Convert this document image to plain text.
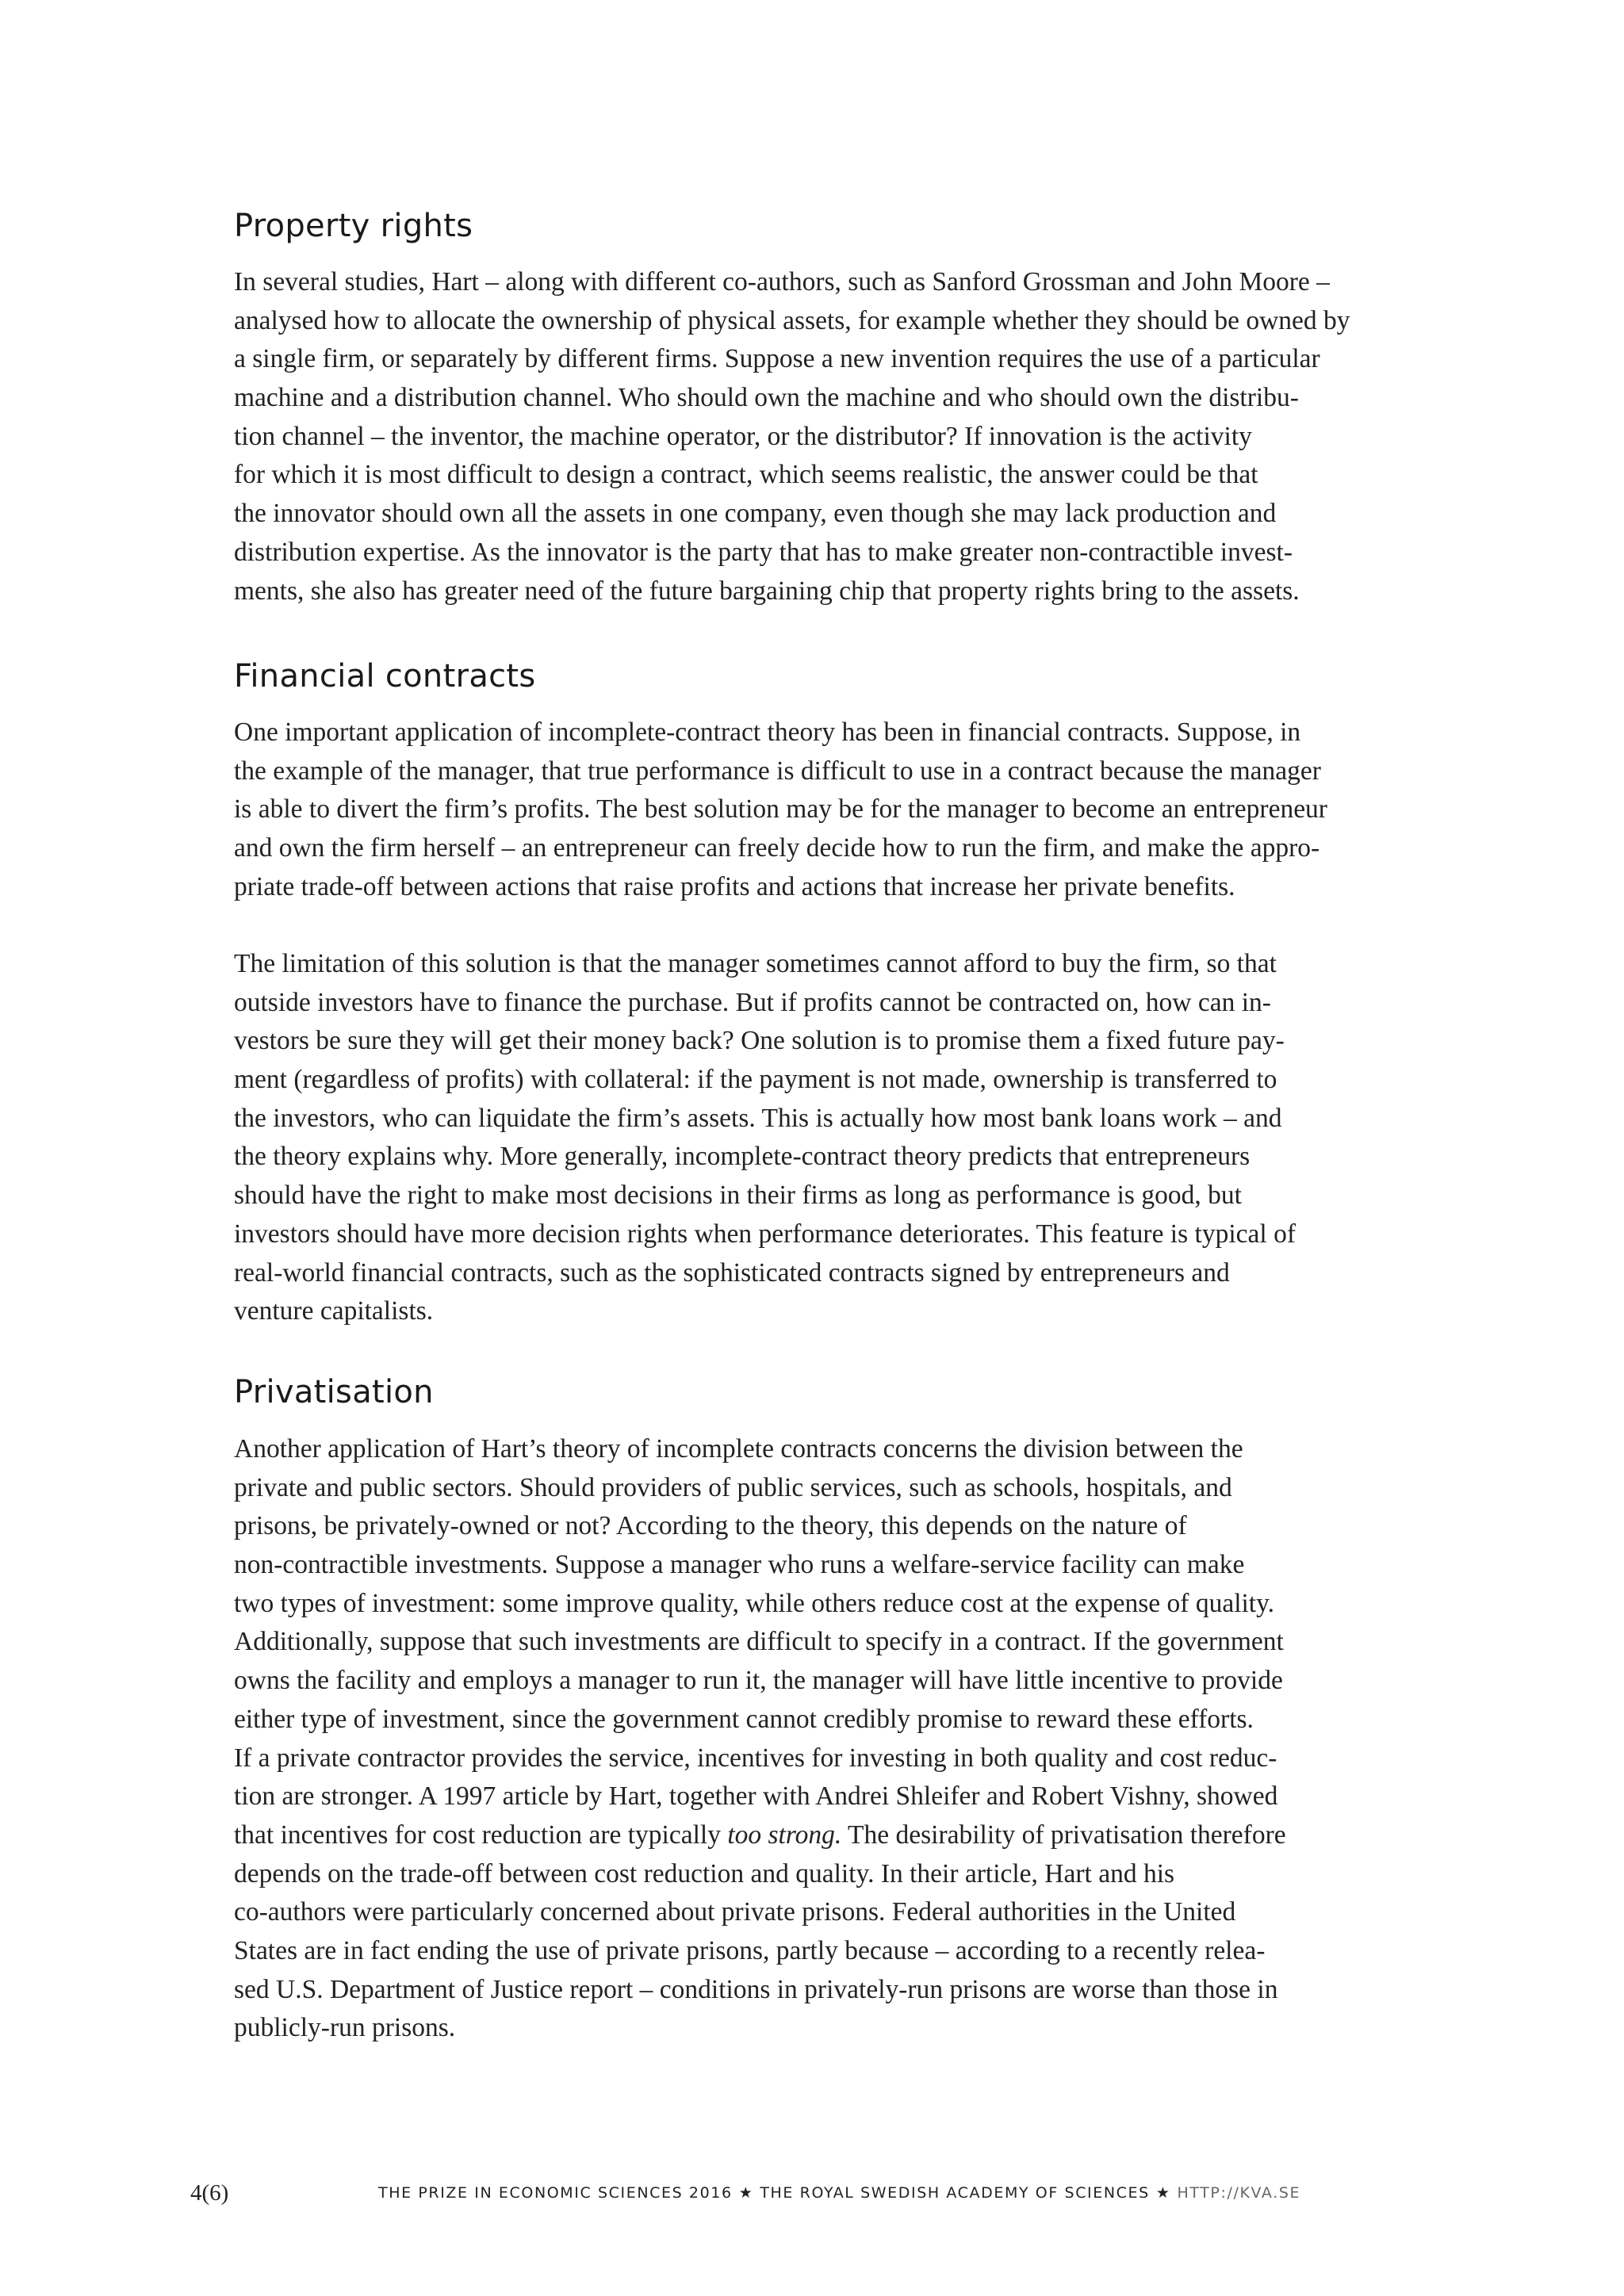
Property rights
In several studies, Hart – along with different co-authors, such as Sanford Grossman and John Moore –
analysed how to allocate the ownership of physical assets, for example whether they should be owned by
a single firm, or separately by different firms. Suppose a new invention requires the use of a particular
machine and a distribution channel. Who should own the machine and who should own the distribu-
tion channel – the inventor, the machine operator, or the distributor? If innovation is the activity
for which it is most difficult to design a contract, which seems realistic, the answer could be that
the innovator should own all the assets in one company, even though she may lack production and
distribution expertise. As the innovator is the party that has to make greater non-contractible invest-
ments, she also has greater need of the future bargaining chip that property rights bring to the assets.
Financial contracts
One important application of incomplete-contract theory has been in financial contracts. Suppose, in
the example of the manager, that true performance is difficult to use in a contract because the manager
is able to divert the firm’s profits. The best solution may be for the manager to become an entrepreneur
and own the firm herself – an entrepreneur can freely decide how to run the firm, and make the appro-
priate trade-off between actions that raise profits and actions that increase her private benefits.
The limitation of this solution is that the manager sometimes cannot afford to buy the firm, so that
outside investors have to finance the purchase. But if profits cannot be contracted on, how can in-
vestors be sure they will get their money back? One solution is to promise them a fixed future pay-
ment (regardless of profits) with collateral: if the payment is not made, ownership is transferred to
the investors, who can liquidate the firm’s assets. This is actually how most bank loans work – and
the theory explains why. More generally, incomplete-contract theory predicts that entrepreneurs
should have the right to make most decisions in their firms as long as performance is good, but
investors should have more decision rights when performance deteriorates. This feature is typical of
real-world financial contracts, such as the sophisticated contracts signed by entrepreneurs and
venture capitalists.
Privatisation
Another application of Hart’s theory of incomplete contracts concerns the division between the
private and public sectors. Should providers of public services, such as schools, hospitals, and
prisons, be privately-owned or not? According to the theory, this depends on the nature of
non-contractible investments. Suppose a manager who runs a welfare-service facility can make
two types of investment: some improve quality, while others reduce cost at the expense of quality.
Additionally, suppose that such investments are difficult to specify in a contract. If the government
owns the facility and employs a manager to run it, the manager will have little incentive to provide
either type of investment, since the government cannot credibly promise to reward these efforts.
If a private contractor provides the service, incentives for investing in both quality and cost reduc-
tion are stronger. A 1997 article by Hart, together with Andrei Shleifer and Robert Vishny, showed
that incentives for cost reduction are typically too strong. The desirability of privatisation therefore
depends on the trade-off between cost reduction and quality. In their article, Hart and his
co-authors were particularly concerned about private prisons. Federal authorities in the United
States are in fact ending the use of private prisons, partly because – according to a recently relea-
sed U.S. Department of Justice report – conditions in privately-run prisons are worse than those in
publicly-run prisons.
4(6)	THE PRIZE IN ECONOMIC SCIENCES 2016 ★ THE ROYAL SWEDISH ACADEMY OF SCIENCES ★ HTTP://KVA.SE
